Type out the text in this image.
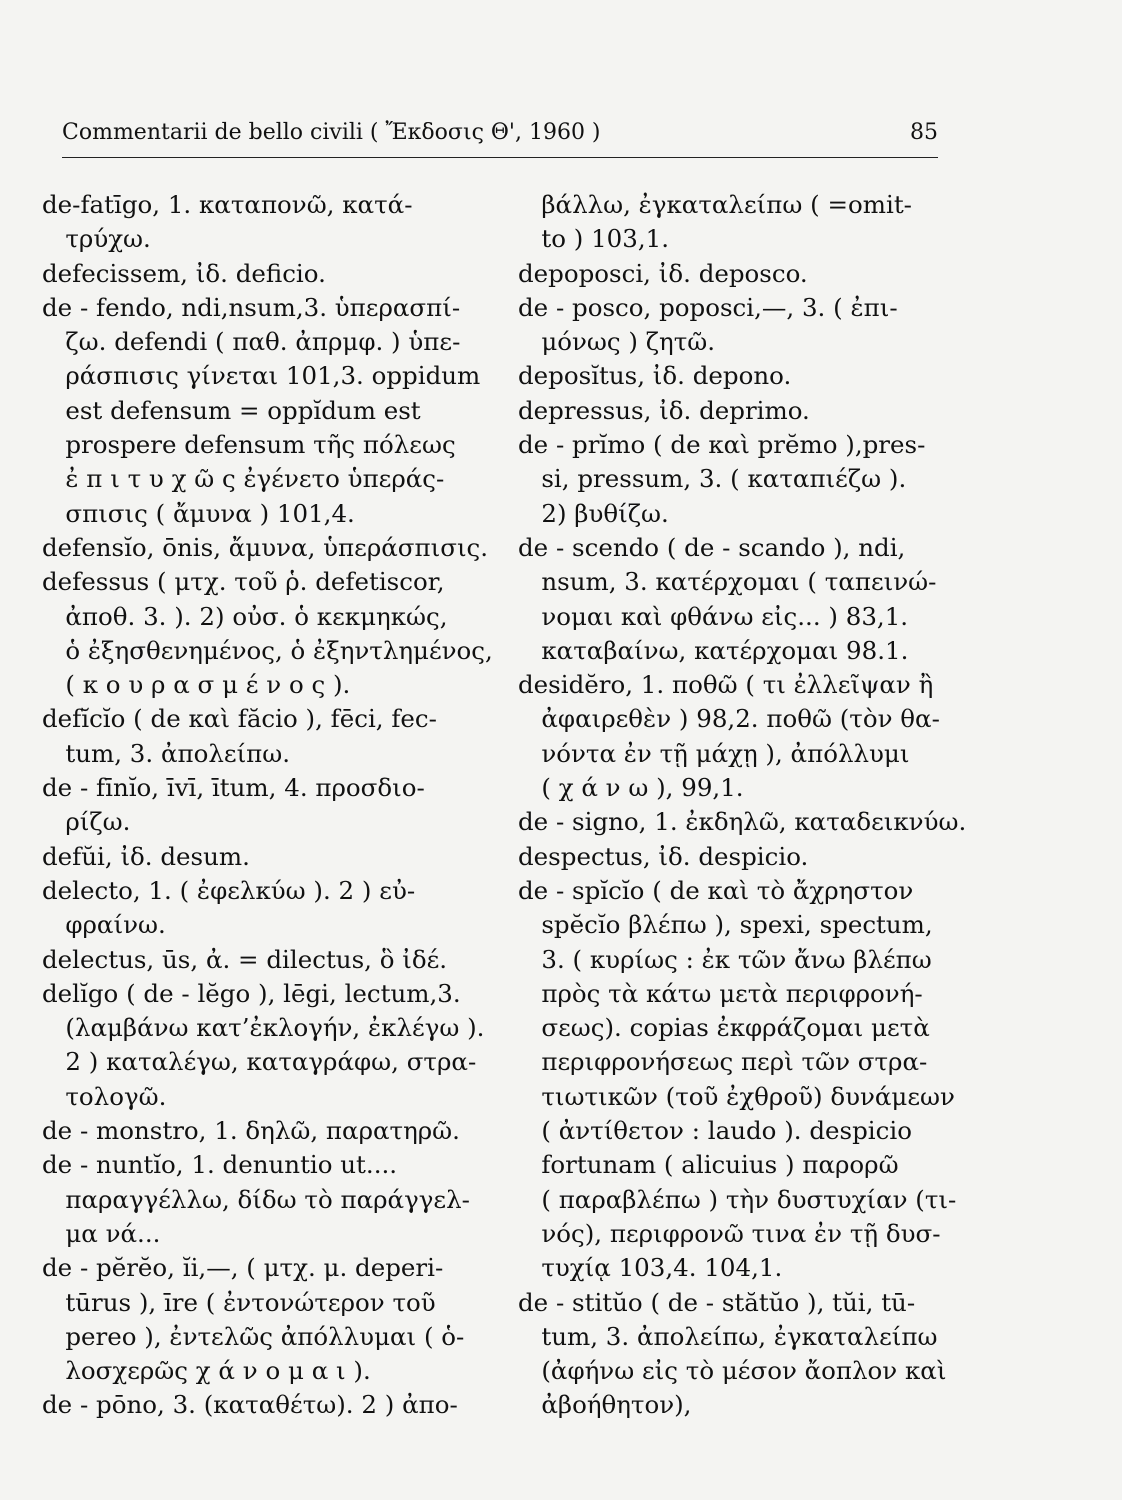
Commentarii de bello civili ( Ἔκδοσις Θ', 1960 )	85
de-fatīgo, 1. καταπονῶ, κατά-
τρύχω.
defecissem, ἰδ. deficio.
de - fendo, ndi,nsum,3. ὑπερασπί-
ζω. defendi ( παθ. ἀπρμφ. ) ὑπε-
ράσπισις γίνεται 101,3. oppidum
est defensum = oppĭdum est
prospere defensum τῆς πόλεως
ἐ π ι τ υ χ ῶ ς ἐγένετο ὑπεράς-
σπισις ( ἄμυνα ) 101,4.
defensĭo, ōnis, ἄμυνα, ὑπεράσπισις.
defessus ( μτχ. τοῦ ῥ. defetiscor,
ἀποθ. 3. ). 2) οὐσ. ὁ κεκμηκώς,
ὁ ἐξησθενημένος, ὁ ἐξηντλημένος,
( κ ο υ ρ α σ μ έ ν ο ς ).
defĭcĭo ( de καὶ făcio ), fēci, fec-
tum, 3. ἀπολείπω.
de - fīnĭo, īvī, ītum, 4. προσδιο-
ρίζω.
defŭi, ἰδ. desum.
delecto, 1. ( ἐφελκύω ). 2 ) εὐ-
φραίνω.
delectus, ūs, ἀ. = dilectus, ὃ ἰδέ.
delĭgo ( de - lĕgo ), lēgi, lectum,3.
(λαμβάνω κατ’ἐκλογήν, ἐκλέγω ).
2 ) καταλέγω, καταγράφω, στρα-
τολογῶ.
de - monstro, 1. δηλῶ, παρατηρῶ.
de - nuntĭo, 1. denuntio ut....
παραγγέλλω, δίδω τὸ παράγγελ-
μα νά...
de - pĕrĕo, ĭi,—, ( μτχ. μ. deperi-
tūrus ), īre ( ἐντονώτερον τοῦ
pereo ), ἐντελῶς ἀπόλλυμαι ( ὁ-
λοσχερῶς χ ά ν ο μ α ι ).
de - pōno, 3. (καταθέτω). 2 ) ἀπο-
βάλλω, ἐγκαταλείπω ( =omit-
to ) 103,1.
depoposci, ἰδ. deposco.
de - posco, poposci,—, 3. ( ἐπι-
μόνως ) ζητῶ.
deposĭtus, ἰδ. depono.
depressus, ἰδ. deprimo.
de - prĭmo ( de καὶ prĕmo ),pres-
si, pressum, 3. ( καταπιέζω ).
2) βυθίζω.
de - scendo ( de - scando ), ndi,
nsum, 3. κατέρχομαι ( ταπεινώ-
νομαι καὶ φθάνω εἰς... ) 83,1.
καταβαίνω, κατέρχομαι 98.1.
desidĕro, 1. ποθῶ ( τι ἐλλεῖψαν ἢ
ἀφαιρεθὲν ) 98,2. ποθῶ (τὸν θα-
νόντα ἐν τῇ μάχῃ ), ἀπόλλυμι
( χ ά ν ω ), 99,1.
de - signo, 1. ἐκδηλῶ, καταδεικνύω.
despectus, ἰδ. despicio.
de - spĭcĭo ( de καὶ τὸ ἄχρηστον
spĕcĭo βλέπω ), spexi, spectum,
3. ( κυρίως : ἐκ τῶν ἄνω βλέπω
πρὸς τὰ κάτω μετὰ περιφρονή-
σεως). copias ἐκφράζομαι μετὰ
περιφρονήσεως περὶ τῶν στρα-
τιωτικῶν (τοῦ ἐχθροῦ) δυνάμεων
( ἀντίθετον : laudo ). despicio
fortunam ( alicuius ) παρορῶ
( παραβλέπω ) τὴν δυστυχίαν (τι-
νός), περιφρονῶ τινα ἐν τῇ δυσ-
τυχίᾳ 103,4. 104,1.
de - stitŭo ( de - stătŭo ), tŭi, tū-
tum, 3. ἀπολείπω, ἐγκαταλείπω
(ἀφήνω εἰς τὸ μέσον ἄοπλον καὶ
ἀβοήθητον),
